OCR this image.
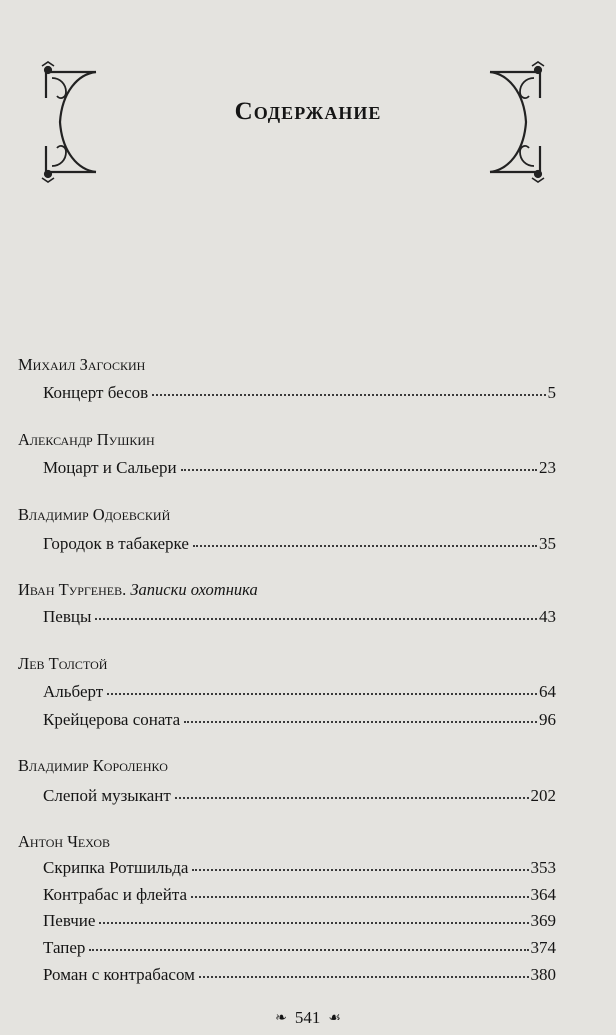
Содержание
Михаил Загоскин
Концерт бесов	5
Александр Пушкин
Моцарт и Сальери	23
Владимир Одоевский
Городок в табакерке	35
Иван Тургенев. Записки охотника
Певцы	43
Лев Толстой
Альберт	64
Крейцерова соната	96
Владимир Короленко
Слепой музыкант	202
Антон Чехов
Скрипка Ротшильда	353
Контрабас и флейта	364
Певчие	369
Тапер	374
Роман с контрабасом	380
❧ 541 ☙
